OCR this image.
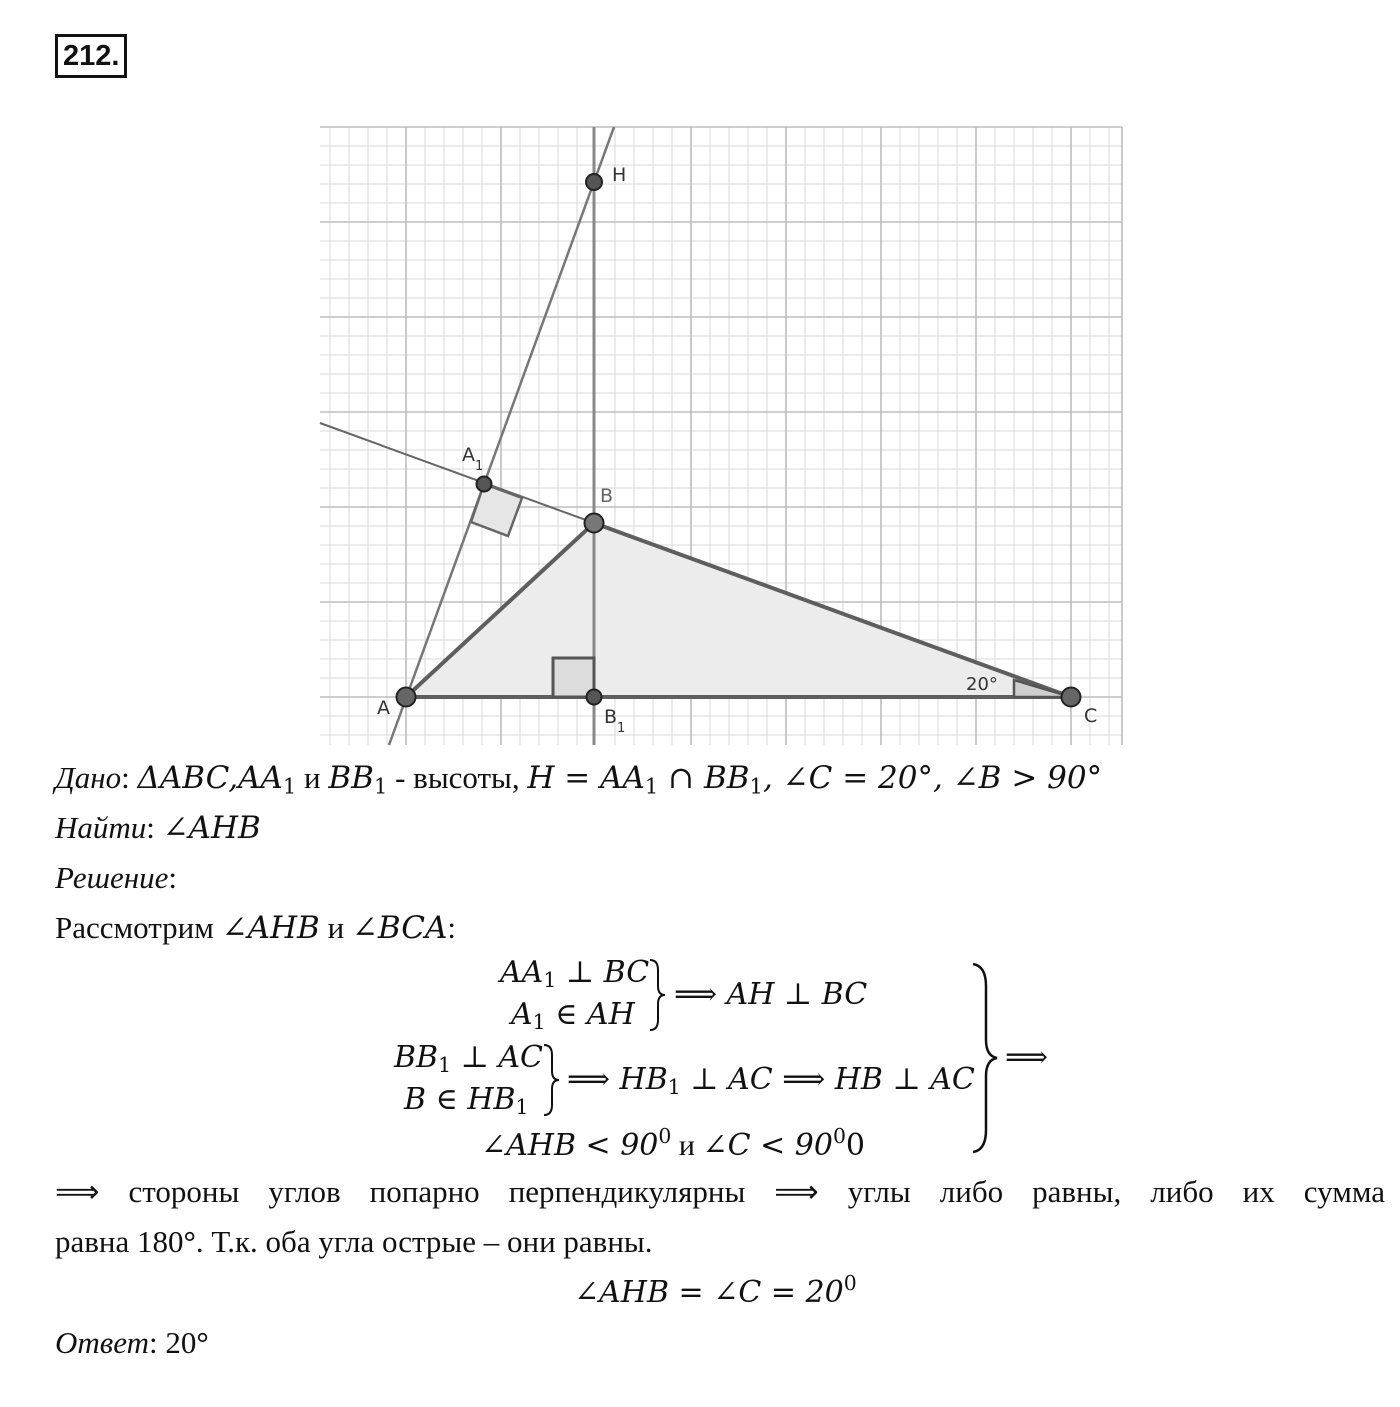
212.
H
$A_1$
B
A	$B_1$
C
20°
Дано: $\Delta ABC,AA_1$ и $BB_1$ - высоты, $H = AA_1$ ∩ $BB_1$, ∠C = 20°, ∠B > 90°
Найти: ∠AHB
Решение:
Рассмотрим ∠AHB и ∠BCA:
$AA_1$ ⊥ BC
$A_1$ ∈ AH
⟹ AH ⊥ BC
$BB_1$ ⊥ AC
B ∈ $HB_1$
⟹ $HB_1$ ⊥ AC ⟹ HB ⊥ AC
∠AHB < $90^0$ и ∠C < $90^00$
⟹
⟹ стороны углов попарно перпендикулярны ⟹ углы либо равны, либо их сумма
равна 180°. Т.к. оба угла острые – они равны.
∠AHB = ∠C = $20^0$
Ответ: 20°
